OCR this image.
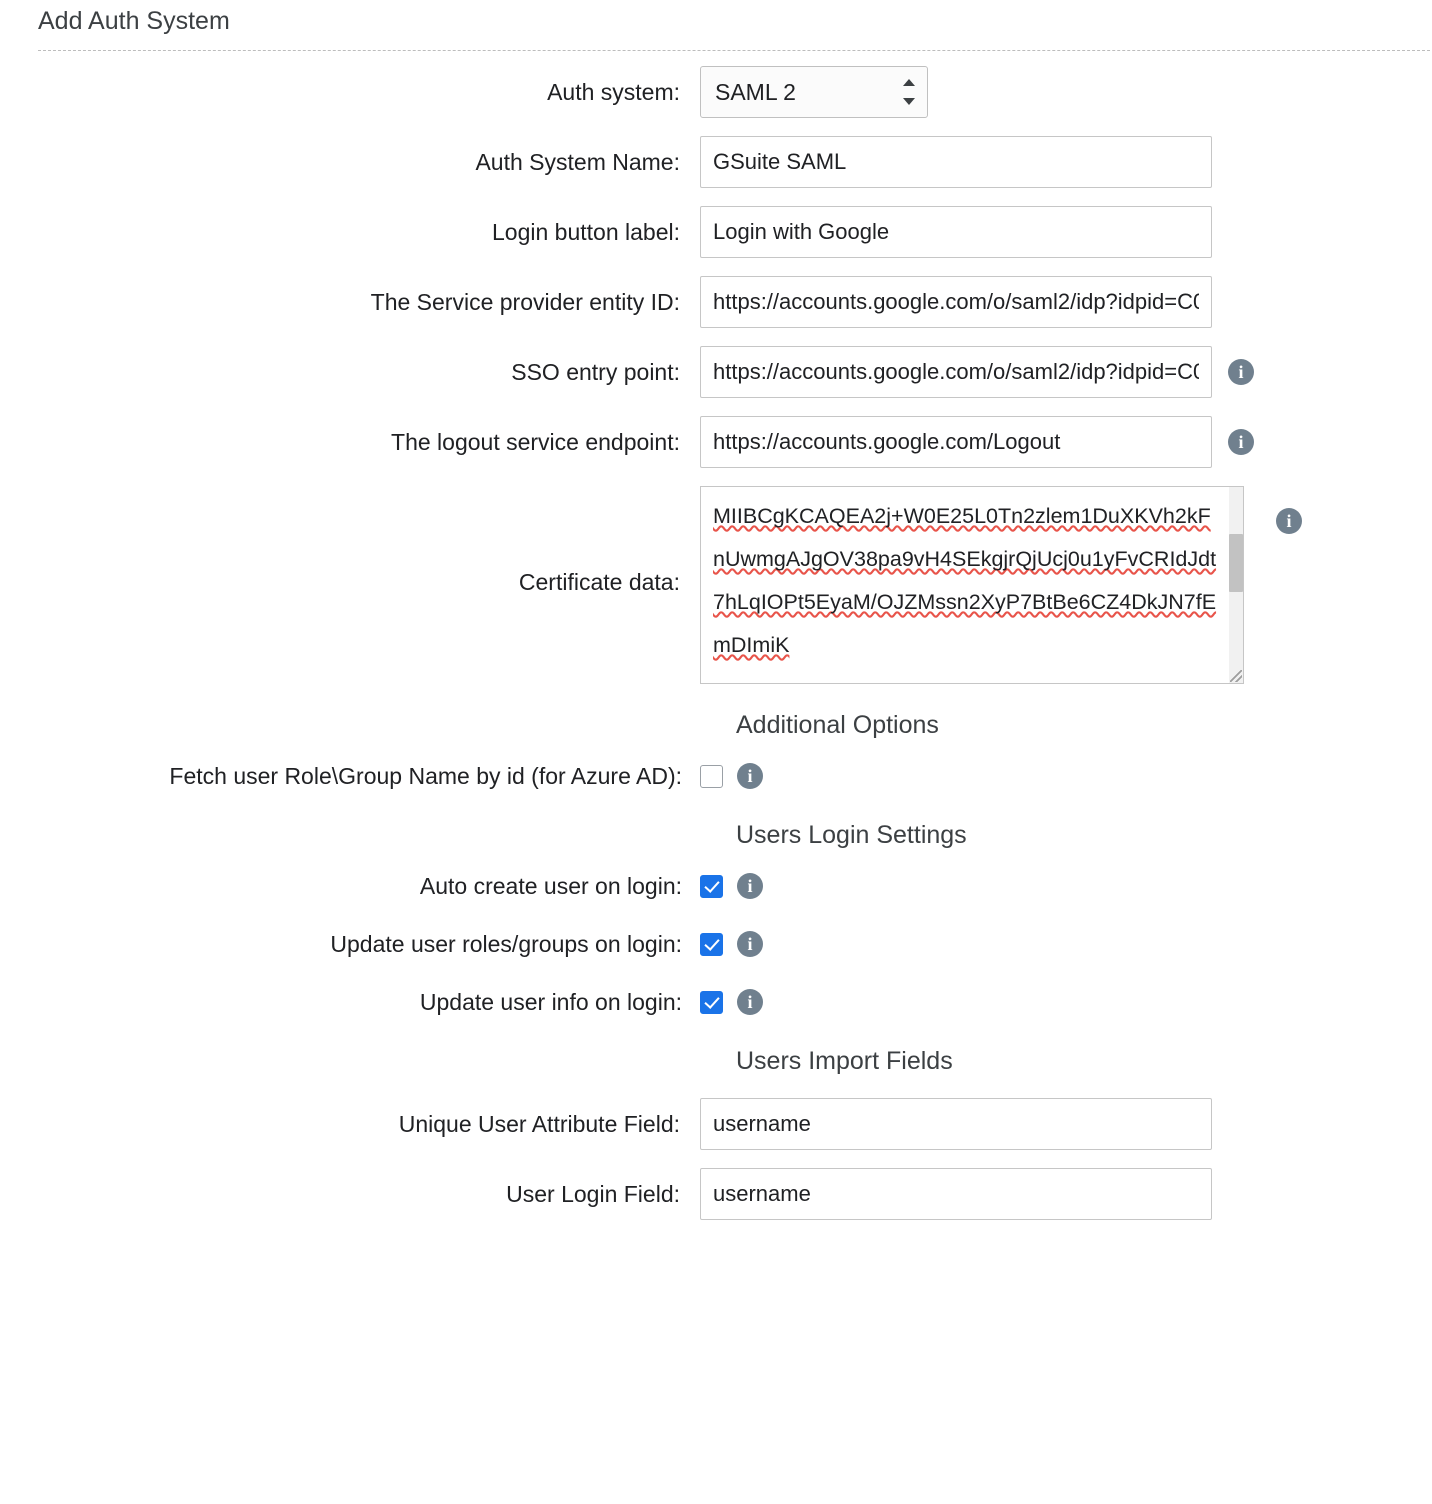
Add Auth System
Auth system:
SAML 2
Auth System Name:
GSuite SAML
Login button label:
Login with Google
The Service provider entity ID:
https://accounts.google.com/o/saml2/idp?idpid=C02abc123
SSO entry point:
https://accounts.google.com/o/saml2/idp?idpid=C02abc123	i
The logout service endpoint:
https://accounts.google.com/Logout	i
Certificate data:
MIIBCgKCAQEA2j+W0E25L0Tn2zlem1DuXKVh2kFnUwmgAJgOV38pa9vH4SEkgjrQjUcj0u1yFvCRIdJdt7hLqIOPt5EyaM/OJZMssn2XyP7BtBe6CZ4DkJN7fEmDImiK
i
Additional Options
Fetch user Role\Group Name by id (for Azure AD):	i
Users Login Settings
Auto create user on login:	i
Update user roles/groups on login:	i
Update user info on login:	i
Users Import Fields
Unique User Attribute Field:
username
User Login Field:
username
